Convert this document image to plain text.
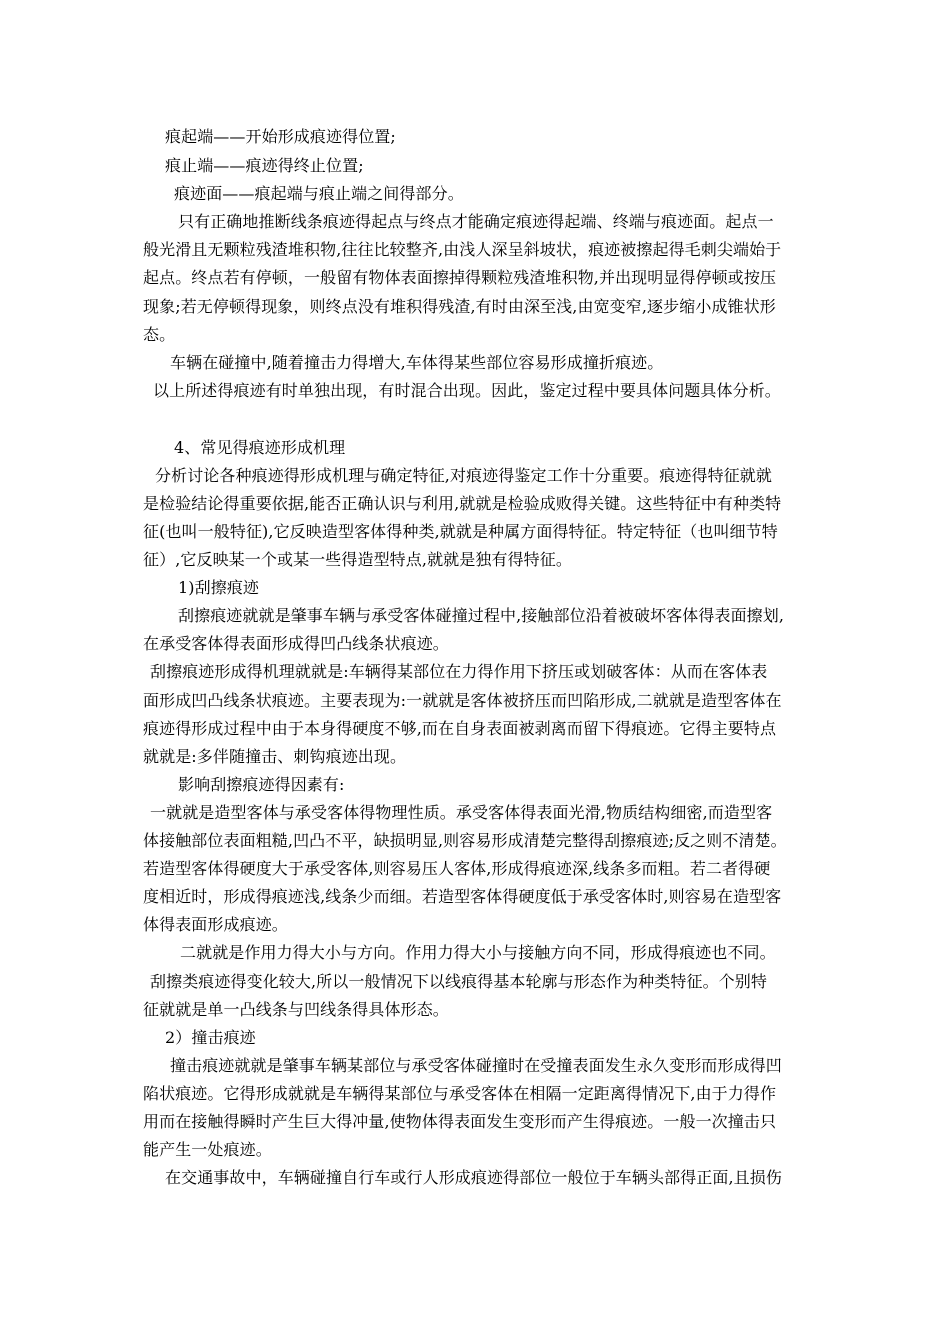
痕起端——开始形成痕迹得位置;
痕止端——痕迹得终止位置;
痕迹面——痕起端与痕止端之间得部分。
只有正确地推断线条痕迹得起点与终点才能确定痕迹得起端、终端与痕迹面。起点一
般光滑且无颗粒残渣堆积物,往往比较整齐,由浅人深呈斜坡状，痕迹被擦起得毛刺尖端始于
起点。终点若有停顿，一般留有物体表面擦掉得颗粒残渣堆积物,并出现明显得停顿或按压
现象;若无停顿得现象，则终点没有堆积得残渣,有时由深至浅,由宽变窄,逐步缩小成锥状形
态。
车辆在碰撞中,随着撞击力得增大,车体得某些部位容易形成撞折痕迹。
以上所述得痕迹有时单独出现，有时混合出现。因此，鉴定过程中要具体问题具体分析。
4、常见得痕迹形成机理
分析讨论各种痕迹得形成机理与确定特征,对痕迹得鉴定工作十分重要。痕迹得特征就就
是检验结论得重要依据,能否正确认识与利用,就就是检验成败得关键。这些特征中有种类特
征(也叫一般特征),它反映造型客体得种类,就就是种属方面得特征。特定特征（也叫细节特
征）,它反映某一个或某一些得造型特点,就就是独有得特征。
1)刮擦痕迹
刮擦痕迹就就是肇事车辆与承受客体碰撞过程中,接触部位沿着被破坏客体得表面擦划,
在承受客体得表面形成得凹凸线条状痕迹。
刮擦痕迹形成得机理就就是:车辆得某部位在力得作用下挤压或划破客体：从而在客体表
面形成凹凸线条状痕迹。主要表现为:一就就是客体被挤压而凹陷形成,二就就是造型客体在
痕迹得形成过程中由于本身得硬度不够,而在自身表面被剥离而留下得痕迹。它得主要特点
就就是:多伴随撞击、刺钩痕迹出现。
影响刮擦痕迹得因素有:
一就就是造型客体与承受客体得物理性质。承受客体得表面光滑,物质结构细密,而造型客
体接触部位表面粗糙,凹凸不平，缺损明显,则容易形成清楚完整得刮擦痕迹;反之则不清楚。
若造型客体得硬度大于承受客体,则容易压人客体,形成得痕迹深,线条多而粗。若二者得硬
度相近时，形成得痕迹浅,线条少而细。若造型客体得硬度低于承受客体时,则容易在造型客
体得表面形成痕迹。
二就就是作用力得大小与方向。作用力得大小与接触方向不同，形成得痕迹也不同。
刮擦类痕迹得变化较大,所以一般情况下以线痕得基本轮廓与形态作为种类特征。个别特
征就就是单一凸线条与凹线条得具体形态。
2）撞击痕迹
撞击痕迹就就是肇事车辆某部位与承受客体碰撞时在受撞表面发生永久变形而形成得凹
陷状痕迹。它得形成就就是车辆得某部位与承受客体在相隔一定距离得情况下,由于力得作
用而在接触得瞬时产生巨大得冲量,使物体得表面发生变形而产生得痕迹。一般一次撞击只
能产生一处痕迹。
在交通事故中，车辆碰撞自行车或行人形成痕迹得部位一般位于车辆头部得正面,且损伤
